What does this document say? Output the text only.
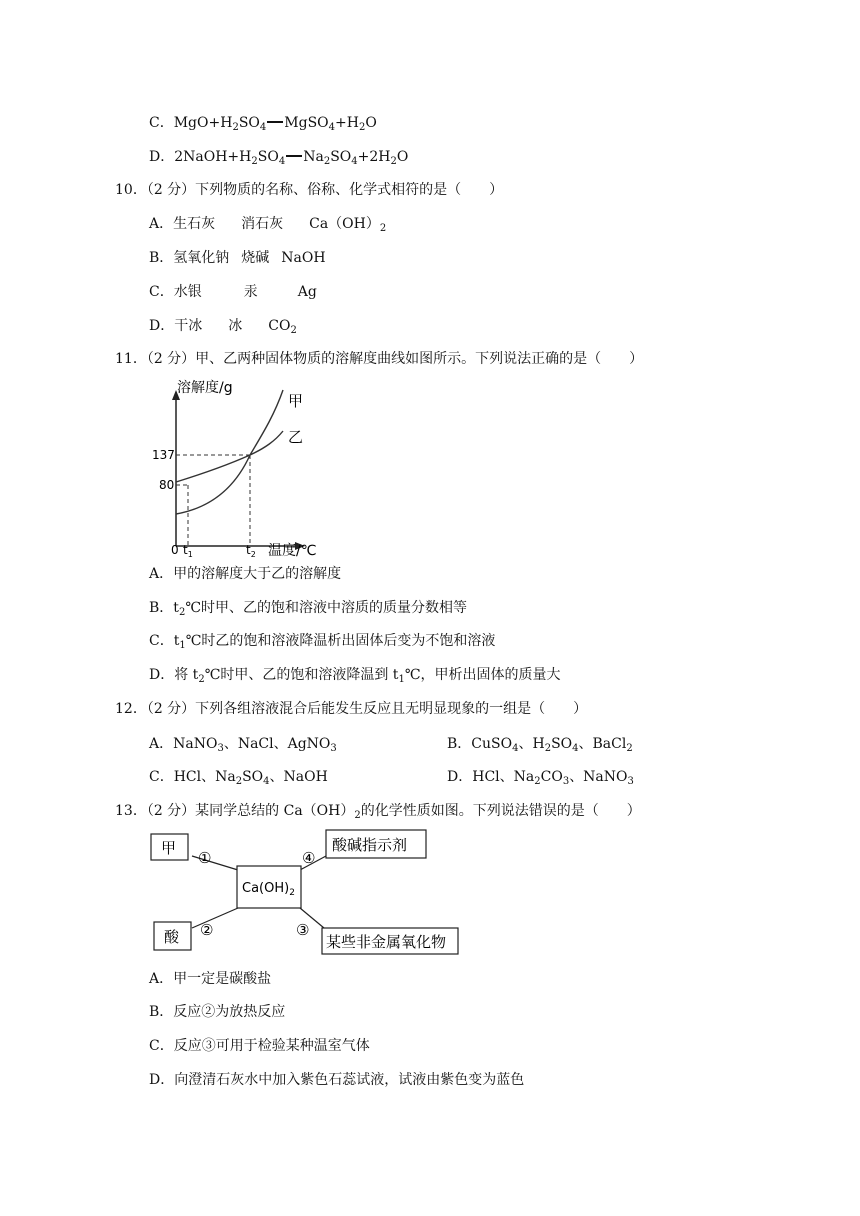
C．$MgO+H_2SO_4$ $MgSO_4+H_2O$
D．$2NaOH+H_2SO_4$ $Na_2SO_4+2H_2O$
10．（2 分）下列物质的名称、俗称、化学式相符的是（　　）
A．生石灰 消石灰 $Ca(OH)_2$
B．氢氧化钠 烧碱 NaOH
C．水银	汞	Ag
D．干冰 冰 $CO_2$
11．（2 分）甲、乙两种固体物质的溶解度曲线如图所示。下列说法正确的是（　　）
溶解度/g
甲
乙
137
80
0 $t_1$	$t_2$ 温度/℃
A．甲的溶解度大于乙的溶解度
B．$t_2℃$时甲、乙的饱和溶液中溶质的质量分数相等
C．$t_1℃$时乙的饱和溶液降温析出固体后变为不饱和溶液
D．将 $t_2℃$时甲、乙的饱和溶液降温到 $t_1℃$，甲析出固体的质量大
12．（2 分）下列各组溶液混合后能发生反应且无明显现象的一组是（　　）
A．NaNO$_3$、NaCl、AgNO$_3$	B．CuSO$_4$、$H_2SO_4$、BaCl$_2$
C．HCl、$Na_2SO_4$、NaOH	D．HCl、$Na_2CO_3$、NaNO$_3$
13．（2 分）某同学总结的 $Ca(OH)_2$的化学性质如图。下列说法错误的是（　　）
甲	酸碱指示剂
$Ca(OH)_2$
酸	某些非金属氧化物
①	④
②	③
A．甲一定是碳酸盐
B．反应②为放热反应
C．反应③可用于检验某种温室气体
D．向澄清石灰水中加入紫色石蕊试液，试液由紫色变为蓝色
